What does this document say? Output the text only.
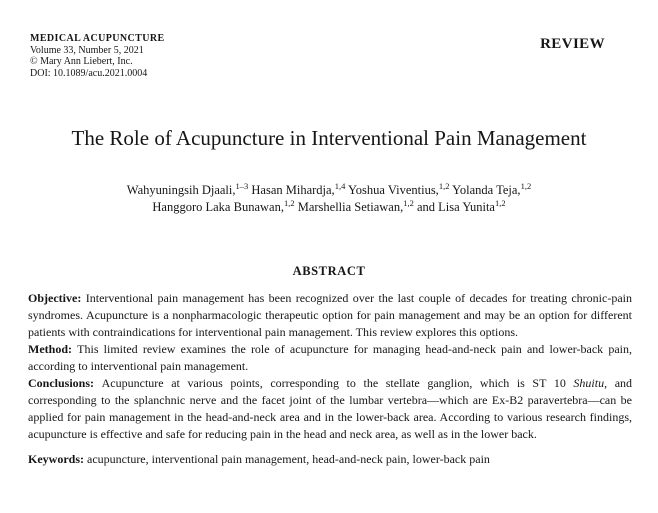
MEDICAL ACUPUNCTURE
Volume 33, Number 5, 2021
© Mary Ann Liebert, Inc.
DOI: 10.1089/acu.2021.0004
REVIEW
The Role of Acupuncture in Interventional Pain Management
Wahyuningsih Djaali,$^{1-3}$ Hasan Mihardja,$^{1,4}$ Yoshua Viventius,$^{1,2}$ Yolanda Teja,$^{1,2}$
Hanggoro Laka Bunawan,$^{1,2}$ Marshellia Setiawan,$^{1,2}$ and Lisa Yunita$^{1,2}$
ABSTRACT

Objective: Interventional pain management has been recognized over the last couple of decades for treating chronic-pain syndromes. Acupuncture is a nonpharmacologic therapeutic option for pain management and may be an option for different patients with contraindications for interventional pain management. This review explores this options.

Method: This limited review examines the role of acupuncture for managing head-and-neck pain and lower-back pain, according to interventional pain management.

Conclusions: Acupuncture at various points, corresponding to the stellate ganglion, which is ST 10 Shuitu, and corresponding to the splanchnic nerve and the facet joint of the lumbar vertebra—which are Ex-B2 paravertebra—can be applied for pain management in the head-and-neck area and in the lower-back area. According to various research findings, acupuncture is effective and safe for reducing pain in the head and neck area, as well as in the lower back.

Keywords: acupuncture, interventional pain management, head-and-neck pain, lower-back pain
